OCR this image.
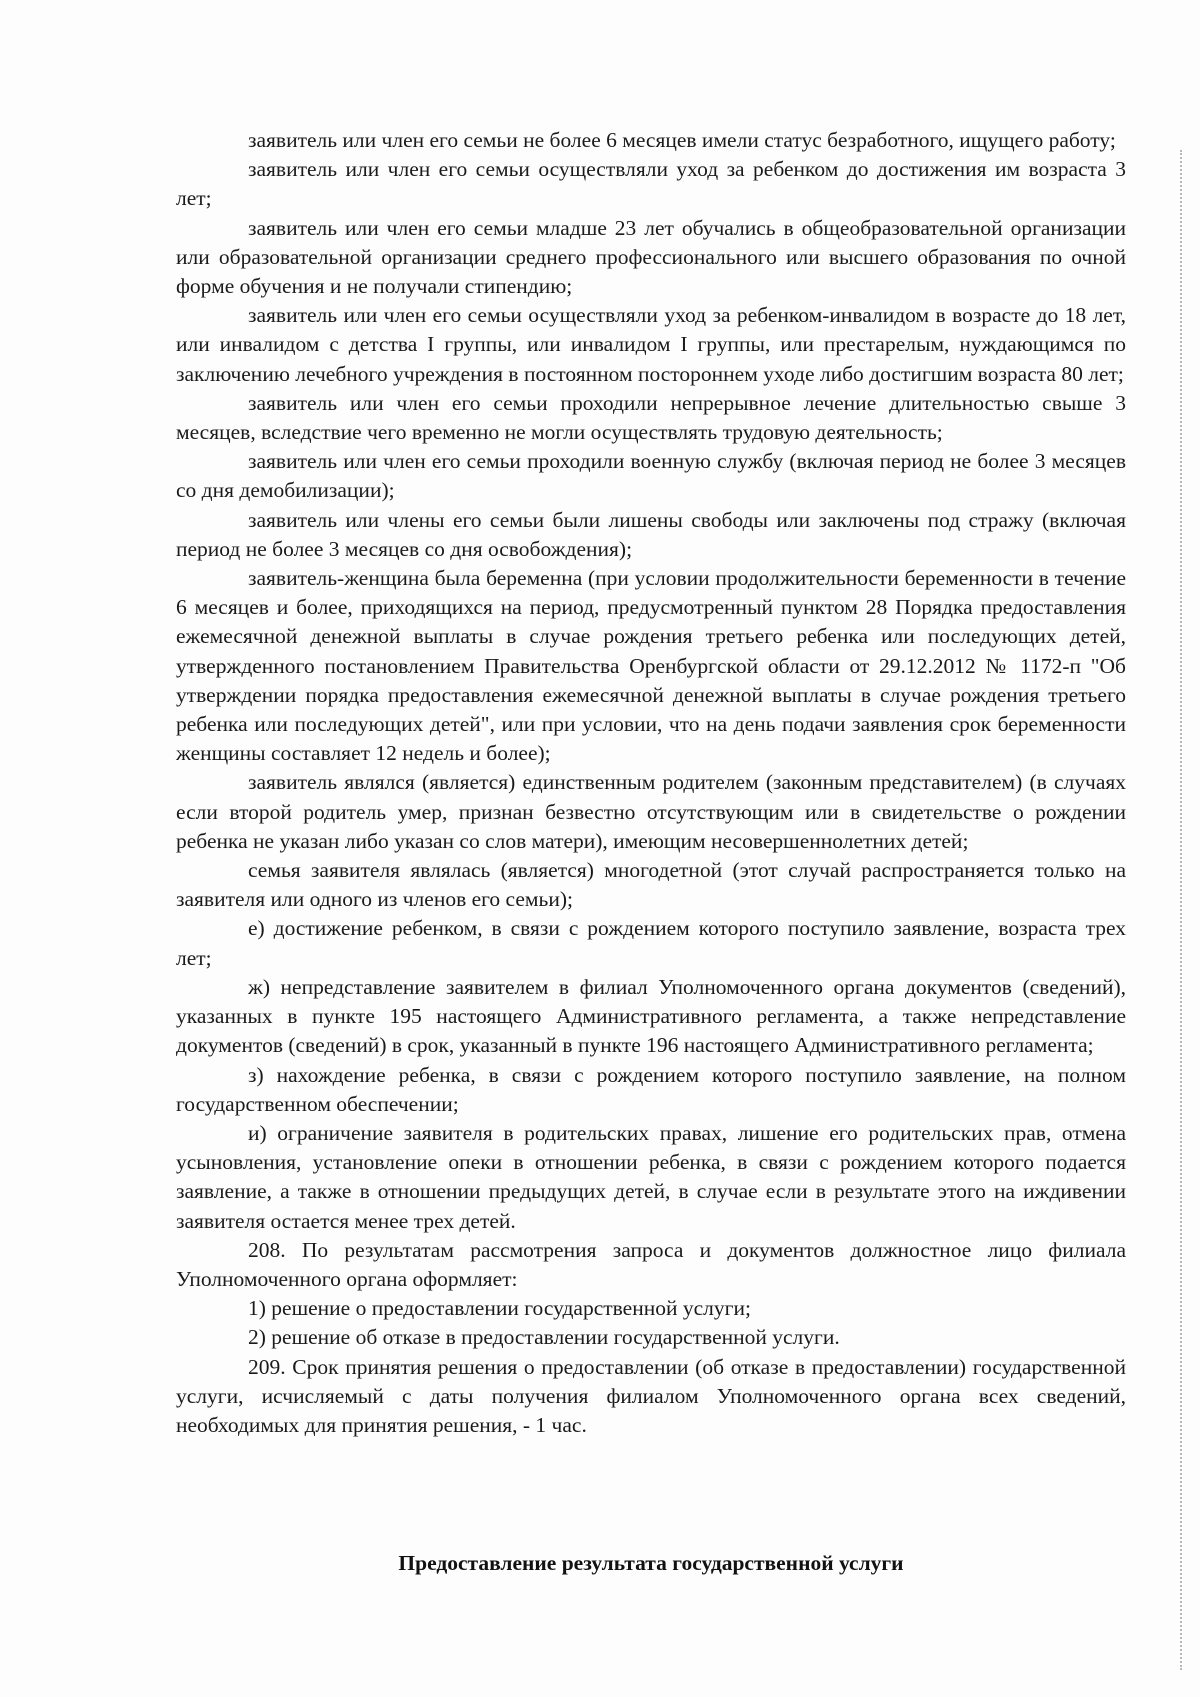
заявитель или член его семьи не более 6 месяцев имели статус безработного, ищущего работу;

заявитель или член его семьи осуществляли уход за ребенком до достижения им возраста 3 лет;

заявитель или член его семьи младше 23 лет обучались в общеобразовательной организации или образовательной организации среднего профессионального или высшего образования по очной форме обучения и не получали стипендию;

заявитель или член его семьи осуществляли уход за ребенком-инвалидом в возрасте до 18 лет, или инвалидом с детства I группы, или инвалидом I группы, или престарелым, нуждающимся по заключению лечебного учреждения в постоянном постороннем уходе либо достигшим возраста 80 лет;

заявитель или член его семьи проходили непрерывное лечение длительностью свыше 3 месяцев, вследствие чего временно не могли осуществлять трудовую деятельность;

заявитель или член его семьи проходили военную службу (включая период не более 3 месяцев со дня демобилизации);

заявитель или члены его семьи были лишены свободы или заключены под стражу (включая период не более 3 месяцев со дня освобождения);

заявитель-женщина была беременна (при условии продолжительности беременности в течение 6 месяцев и более, приходящихся на период, предусмотренный пунктом 28 Порядка предоставления ежемесячной денежной выплаты в случае рождения третьего ребенка или последующих детей, утвержденного постановлением Правительства Оренбургской области от 29.12.2012 № 1172-п "Об утверждении порядка предоставления ежемесячной денежной выплаты в случае рождения третьего ребенка или последующих детей", или при условии, что на день подачи заявления срок беременности женщины составляет 12 недель и более);

заявитель являлся (является) единственным родителем (законным представителем) (в случаях если второй родитель умер, признан безвестно отсутствующим или в свидетельстве о рождении ребенка не указан либо указан со слов матери), имеющим несовершеннолетних детей;

семья заявителя являлась (является) многодетной (этот случай распространяется только на заявителя или одного из членов его семьи);

е) достижение ребенком, в связи с рождением которого поступило заявление, возраста трех лет;

ж) непредставление заявителем в филиал Уполномоченного органа документов (сведений), указанных в пункте 195 настоящего Административного регламента, а также непредставление документов (сведений) в срок, указанный в пункте 196 настоящего Административного регламента;

з) нахождение ребенка, в связи с рождением которого поступило заявление, на полном государственном обеспечении;

и) ограничение заявителя в родительских правах, лишение его родительских прав, отмена усыновления, установление опеки в отношении ребенка, в связи с рождением которого подается заявление, а также в отношении предыдущих детей, в случае если в результате этого на иждивении заявителя остается менее трех детей.

208. По результатам рассмотрения запроса и документов должностное лицо филиала Уполномоченного органа оформляет:

1) решение о предоставлении государственной услуги;

2) решение об отказе в предоставлении государственной услуги.

209. Срок принятия решения о предоставлении (об отказе в предоставлении) государственной услуги, исчисляемый с даты получения филиалом Уполномоченного органа всех сведений, необходимых для принятия решения, - 1 час.

Предоставление результата государственной услуги
